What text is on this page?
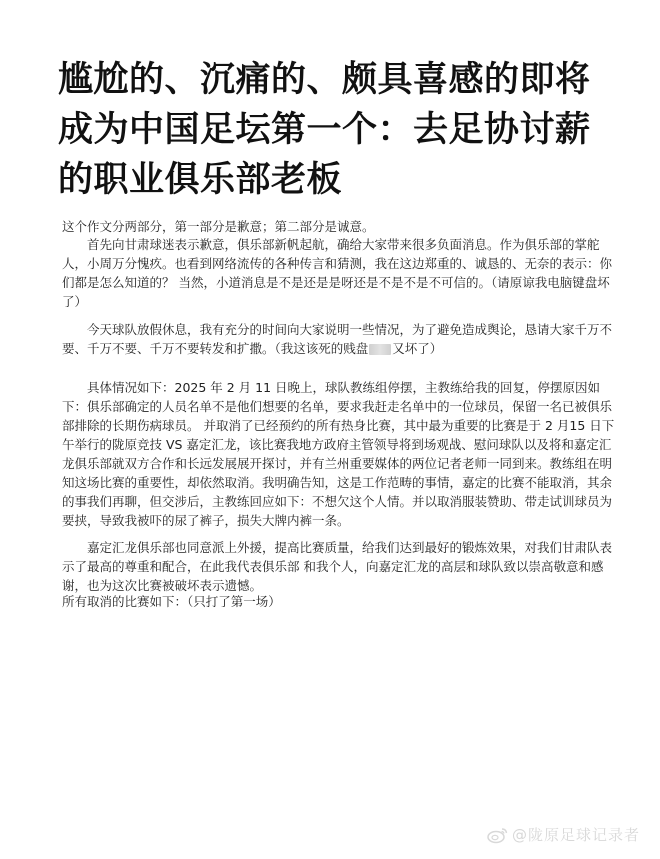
尴尬的、沉痛的、颇具喜感的即将成为中国足坛第一个：去足协讨薪的职业俱乐部老板

这个作文分两部分，第一部分是歉意；第二部分是诚意。

首先向甘肃球迷表示歉意，俱乐部新帆起航，确给大家带来很多负面消息。作为俱乐部的掌舵人，小周万分愧疚。也看到网络流传的各种传言和猜测，我在这边郑重的、诚恳的、无奈的表示：你们都是怎么知道的？ 当然，小道消息是不是还是是呀还是不是不是不可信的。（请原谅我电脑键盘坏了）

今天球队放假休息，我有充分的时间向大家说明一些情况，为了避免造成舆论，恳请大家千万不要、千万不要、千万不要转发和扩撒。（我这该死的贱盘 又坏了）

具体情况如下：2025 年 2 月 11 日晚上，球队教练组停摆，主教练给我的回复，停摆原因如下：俱乐部确定的人员名单不是他们想要的名单，要求我赶走名单中的一位球员，保留一名已被俱乐部排除的长期伤病球员。 并取消了已经预约的所有热身比赛，其中最为重要的比赛是于 2 月15 日下午举行的陇原竞技 VS 嘉定汇龙，该比赛我地方政府主管领导将到场观战、慰问球队以及将和嘉定汇龙俱乐部就双方合作和长远发展展开探讨，并有兰州重要媒体的两位记者老师一同到来。教练组在明知这场比赛的重要性，却依然取消。我明确告知，这是工作范畴的事情，嘉定的比赛不能取消，其余的事我们再聊，但交涉后，主教练回应如下：不想欠这个人情。并以取消服装赞助、带走试训球员为要挟，导致我被吓的尿了裤子，损失大牌内裤一条。

嘉定汇龙俱乐部也同意派上外援，提高比赛质量，给我们达到最好的锻炼效果，对我们甘肃队表示了最高的尊重和配合，在此我代表俱乐部 和我个人，向嘉定汇龙的高层和球队致以崇高敬意和感谢，也为这次比赛被破坏表示遗憾。

所有取消的比赛如下：（只打了第一场）

@陇原足球记录者
